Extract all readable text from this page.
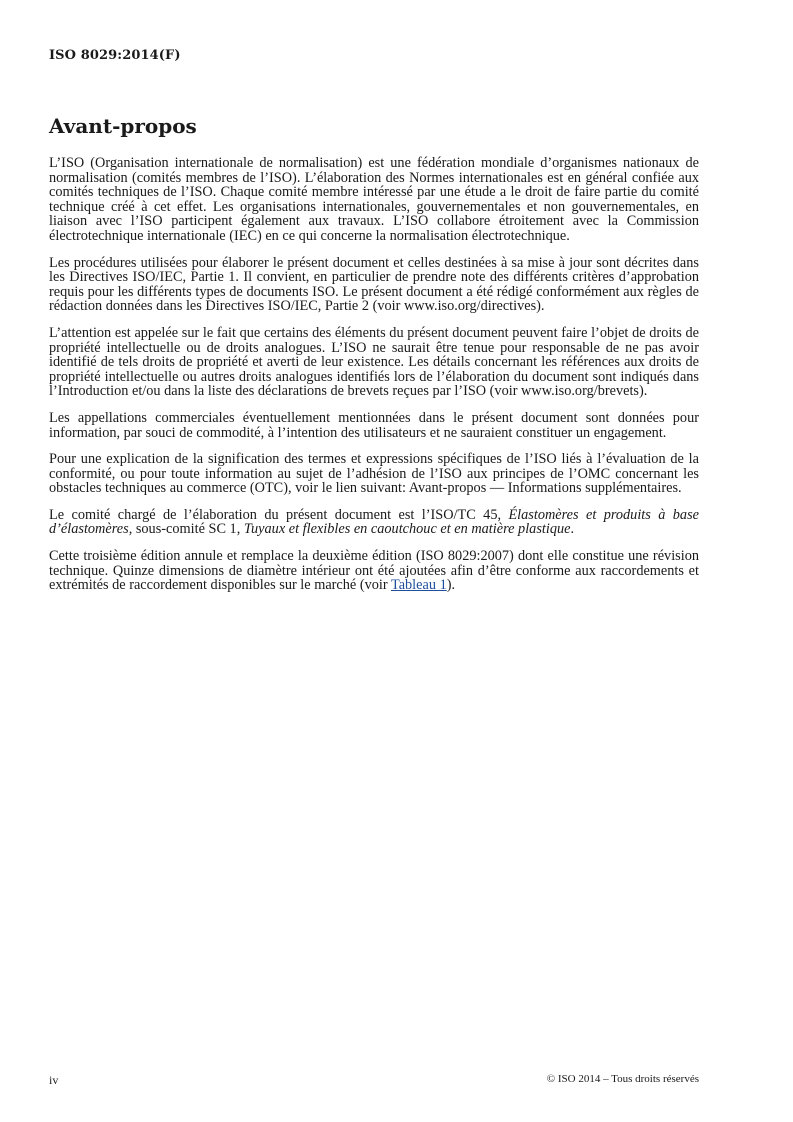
ISO 8029:2014(F)
Avant-propos

L’ISO (Organisation internationale de normalisation) est une fédération mondiale d’organismes nationaux de normalisation (comités membres de l’ISO). L’élaboration des Normes internationales est en général confiée aux comités techniques de l’ISO. Chaque comité membre intéressé par une étude a le droit de faire partie du comité technique créé à cet effet. Les organisations internationales, gouvernementales et non gouvernementales, en liaison avec l’ISO participent également aux travaux. L’ISO collabore étroitement avec la Commission électrotechnique internationale (IEC) en ce qui concerne la normalisation électrotechnique.

Les procédures utilisées pour élaborer le présent document et celles destinées à sa mise à jour sont décrites dans les Directives ISO/IEC, Partie 1. Il convient, en particulier de prendre note des différents critères d’approbation requis pour les différents types de documents ISO. Le présent document a été rédigé conformément aux règles de rédaction données dans les Directives ISO/IEC, Partie 2 (voir www.iso.org/directives).

L’attention est appelée sur le fait que certains des éléments du présent document peuvent faire l’objet de droits de propriété intellectuelle ou de droits analogues. L’ISO ne saurait être tenue pour responsable de ne pas avoir identifié de tels droits de propriété et averti de leur existence. Les détails concernant les références aux droits de propriété intellectuelle ou autres droits analogues identifiés lors de l’élaboration du document sont indiqués dans l’Introduction et/ou dans la liste des déclarations de brevets reçues par l’ISO (voir www.iso.org/brevets).

Les appellations commerciales éventuellement mentionnées dans le présent document sont données pour information, par souci de commodité, à l’intention des utilisateurs et ne sauraient constituer un engagement.

Pour une explication de la signification des termes et expressions spécifiques de l’ISO liés à l’évaluation de la conformité, ou pour toute information au sujet de l’adhésion de l’ISO aux principes de l’OMC concernant les obstacles techniques au commerce (OTC), voir le lien suivant: Avant-propos — Informations supplémentaires.

Le comité chargé de l’élaboration du présent document est l’ISO/TC 45, Élastomères et produits à base d’élastomères, sous-comité SC 1, Tuyaux et flexibles en caoutchouc et en matière plastique.

Cette troisième édition annule et remplace la deuxième édition (ISO 8029:2007) dont elle constitue une révision technique. Quinze dimensions de diamètre intérieur ont été ajoutées afin d’être conforme aux raccordements et extrémités de raccordement disponibles sur le marché (voir Tableau 1).

iv	© ISO 2014 – Tous droits réservés
